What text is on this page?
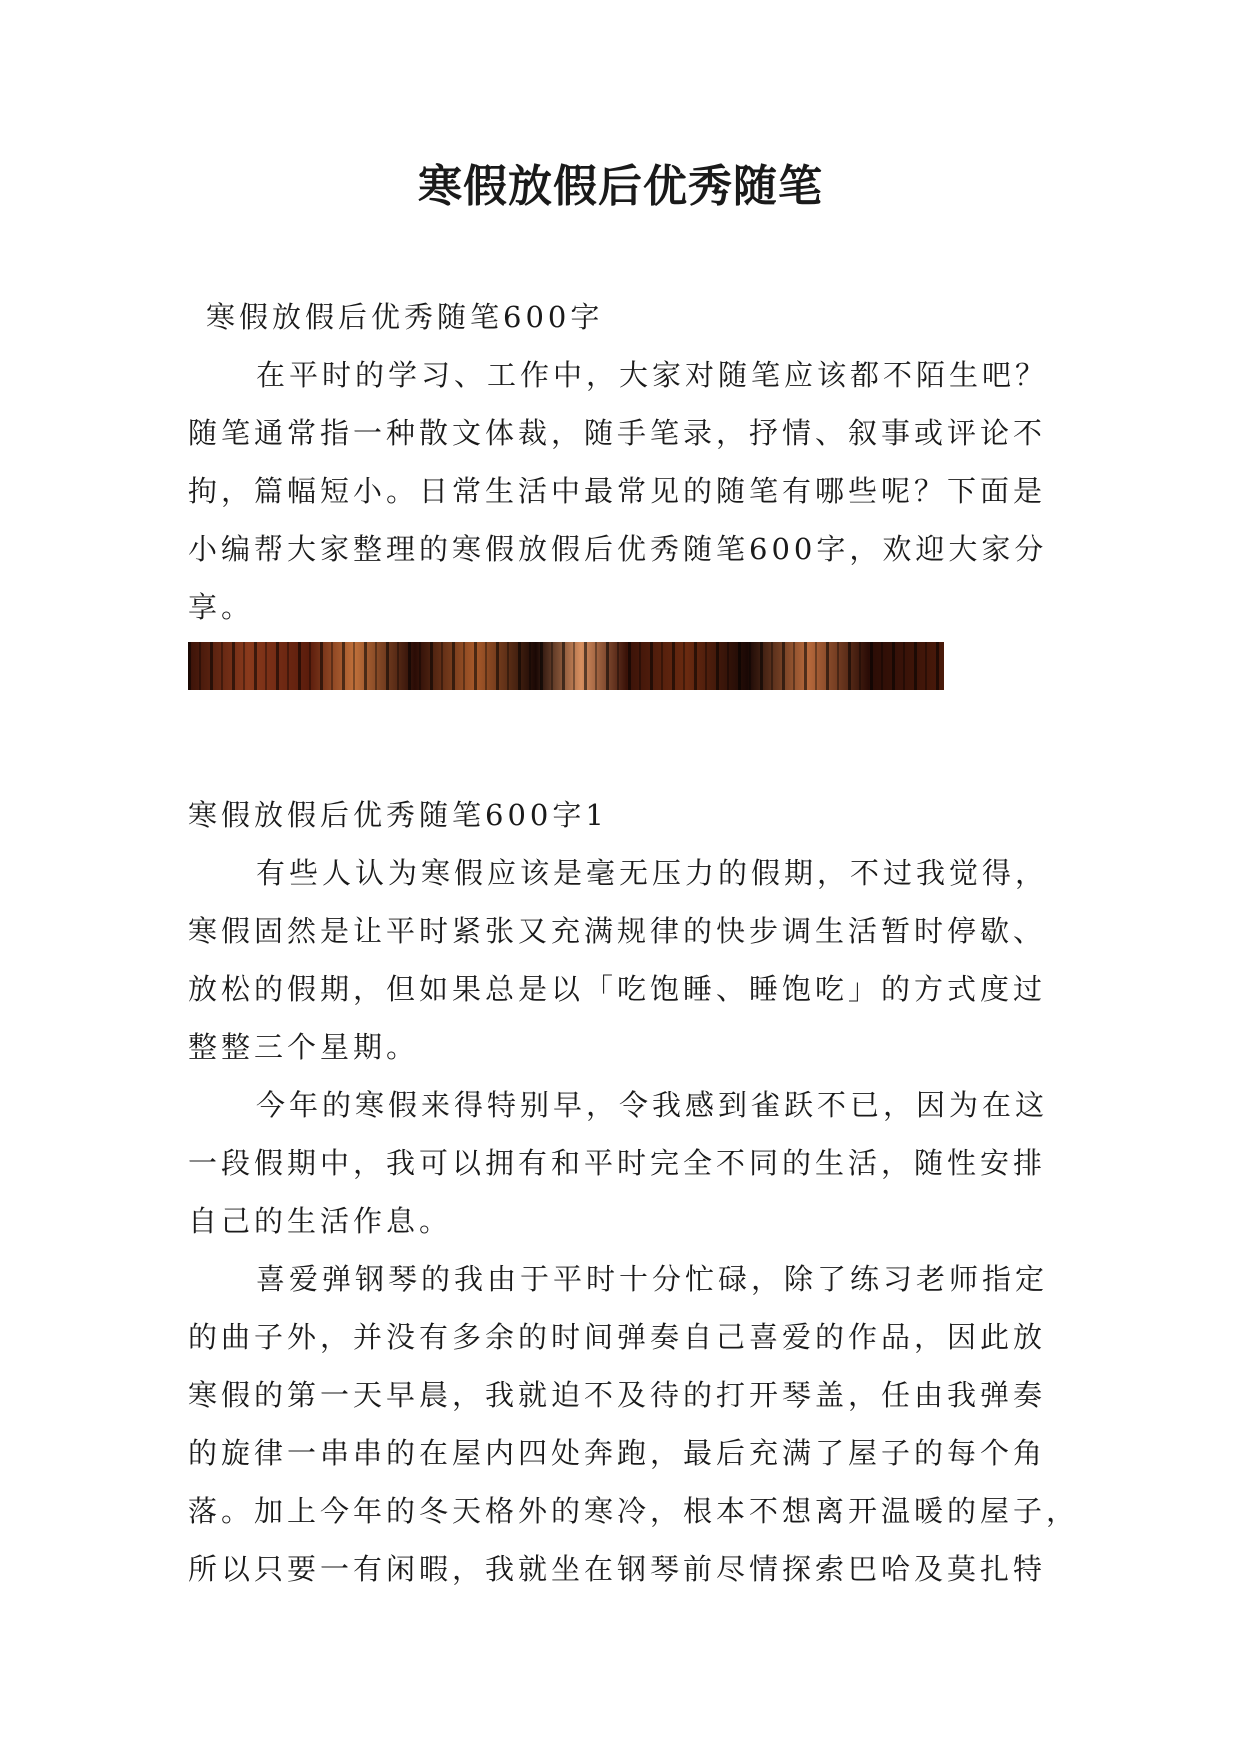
寒假放假后优秀随笔
寒假放假后优秀随笔600字
在平时的学习、工作中，大家对随笔应该都不陌生吧？
随笔通常指一种散文体裁，随手笔录，抒情、叙事或评论不
拘，篇幅短小。日常生活中最常见的随笔有哪些呢？下面是
小编帮大家整理的寒假放假后优秀随笔600字，欢迎大家分
享。
寒假放假后优秀随笔600字1
有些人认为寒假应该是毫无压力的假期，不过我觉得，
寒假固然是让平时紧张又充满规律的快步调生活暂时停歇、
放松的假期，但如果总是以「吃饱睡、睡饱吃」的方式度过
整整三个星期。
今年的寒假来得特别早，令我感到雀跃不已，因为在这
一段假期中，我可以拥有和平时完全不同的生活，随性安排
自己的生活作息。
喜爱弹钢琴的我由于平时十分忙碌，除了练习老师指定
的曲子外，并没有多余的时间弹奏自己喜爱的作品，因此放
寒假的第一天早晨，我就迫不及待的打开琴盖，任由我弹奏
的旋律一串串的在屋内四处奔跑，最后充满了屋子的每个角
落。加上今年的冬天格外的寒冷，根本不想离开温暖的屋子，
所以只要一有闲暇，我就坐在钢琴前尽情探索巴哈及莫扎特
